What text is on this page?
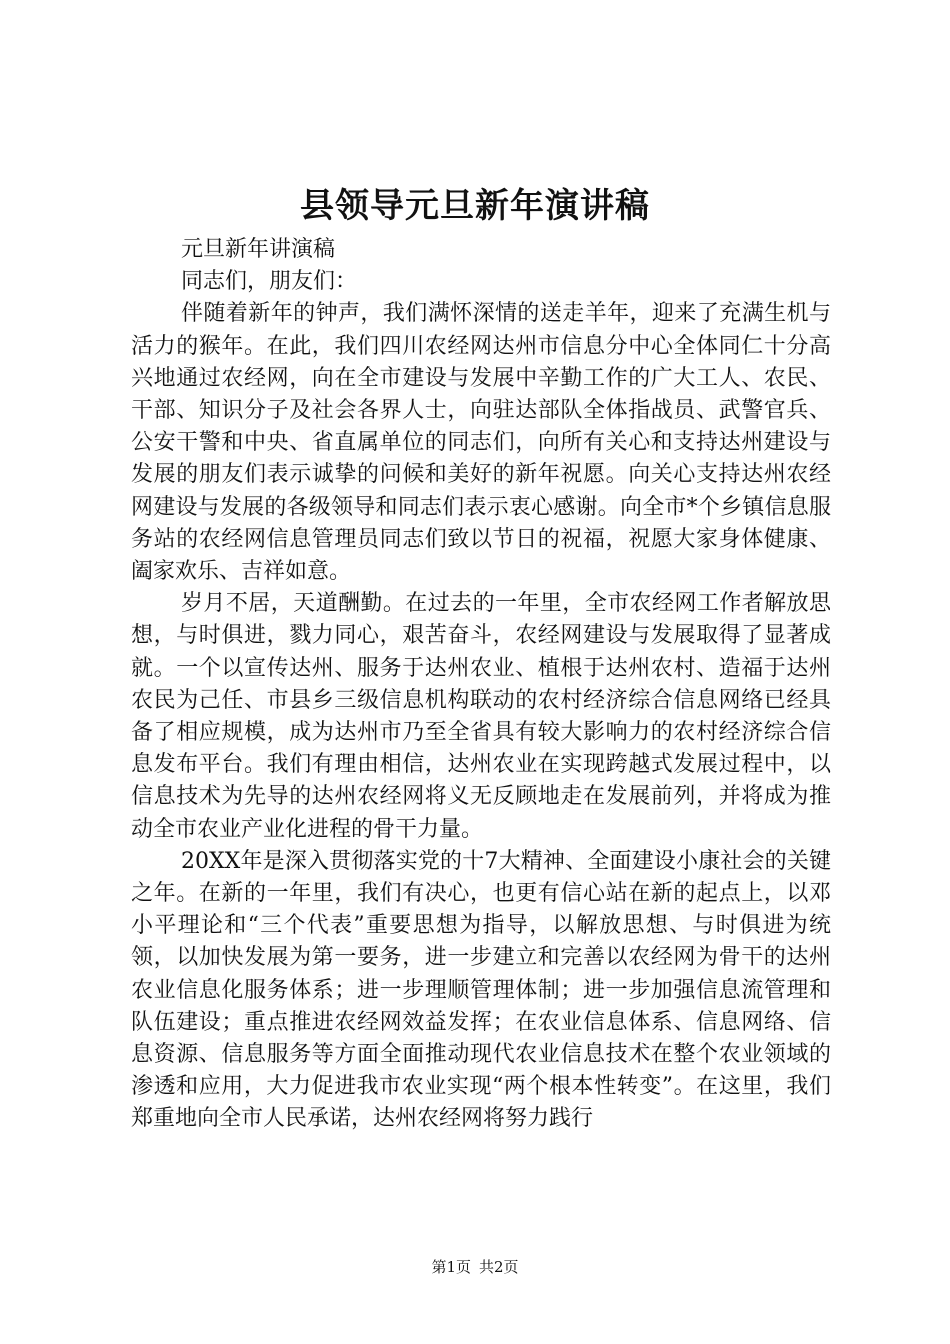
县领导元旦新年演讲稿

元旦新年讲演稿

同志们，朋友们：

伴随着新年的钟声，我们满怀深情的送走羊年，迎来了充满生机与活力的猴年。在此，我们四川农经网达州市信息分中心全体同仁十分高兴地通过农经网，向在全市建设与发展中辛勤工作的广大工人、农民、干部、知识分子及社会各界人士，向驻达部队全体指战员、武警官兵、公安干警和中央、省直属单位的同志们，向所有关心和支持达州建设与发展的朋友们表示诚挚的问候和美好的新年祝愿。向关心支持达州农经网建设与发展的各级领导和同志们表示衷心感谢。向全市*个乡镇信息服务站的农经网信息管理员同志们致以节日的祝福，祝愿大家身体健康、阖家欢乐、吉祥如意。

岁月不居，天道酬勤。在过去的一年里，全市农经网工作者解放思想，与时俱进，戮力同心，艰苦奋斗，农经网建设与发展取得了显著成就。一个以宣传达州、服务于达州农业、植根于达州农村、造福于达州农民为己任、市县乡三级信息机构联动的农村经济综合信息网络已经具备了相应规模，成为达州市乃至全省具有较大影响力的农村经济综合信息发布平台。我们有理由相信，达州农业在实现跨越式发展过程中，以信息技术为先导的达州农经网将义无反顾地走在发展前列，并将成为推动全市农业产业化进程的骨干力量。

20XX年是深入贯彻落实党的十7大精神、全面建设小康社会的关键之年。在新的一年里，我们有决心，也更有信心站在新的起点上，以邓小平理论和“三个代表”重要思想为指导，以解放思想、与时俱进为统领，以加快发展为第一要务，进一步建立和完善以农经网为骨干的达州农业信息化服务体系；进一步理顺管理体制；进一步加强信息流管理和队伍建设；重点推进农经网效益发挥；在农业信息体系、信息网络、信息资源、信息服务等方面全面推动现代农业信息技术在整个农业领域的渗透和应用，大力促进我市农业实现“两个根本性转变”。在这里，我们郑重地向全市人民承诺，达州农经网将努力践行

第1页 共2页
